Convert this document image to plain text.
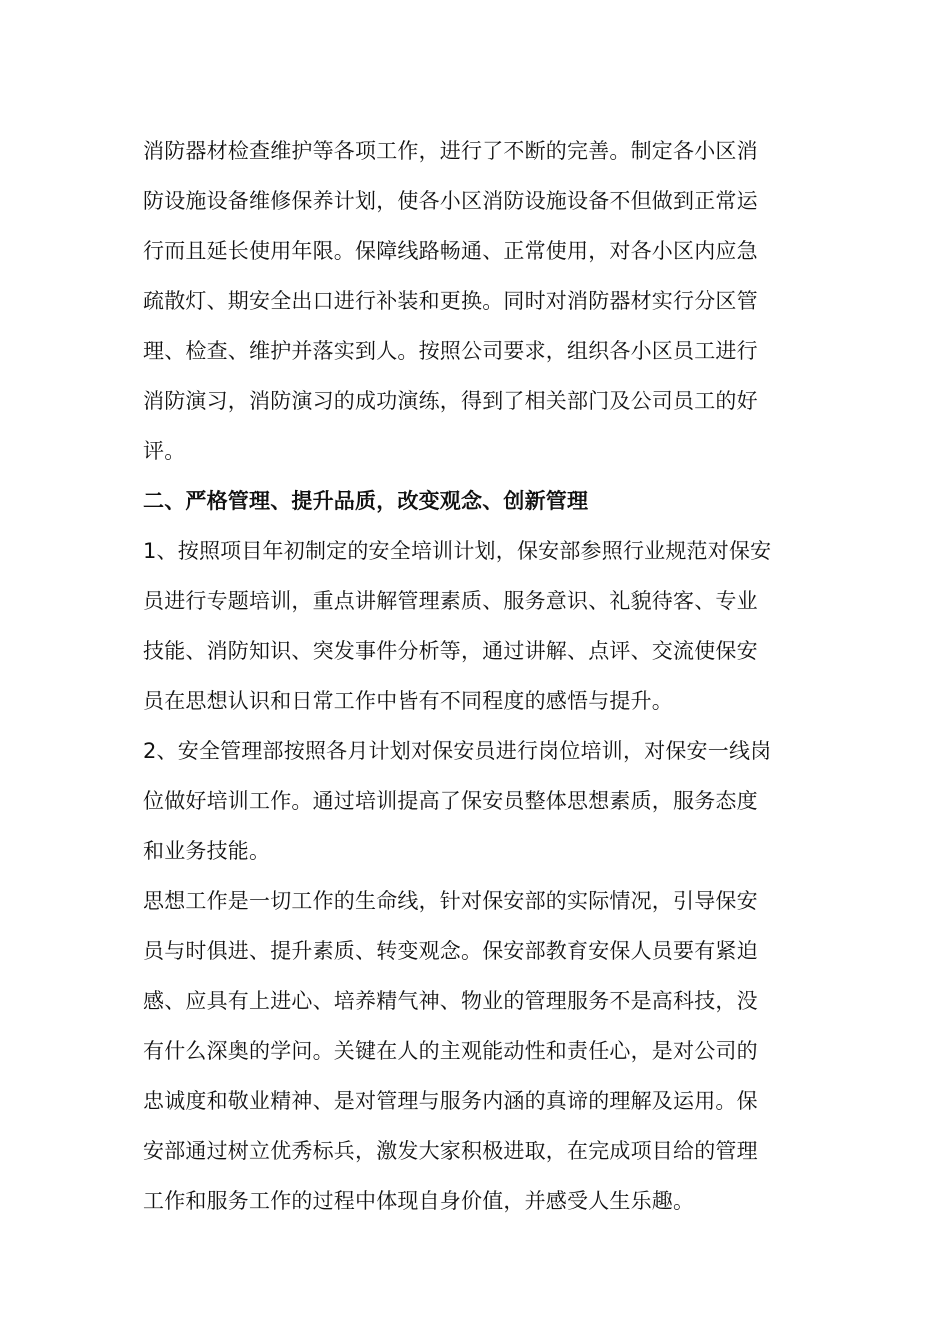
消防器材检查维护等各项工作，进行了不断的完善。制定各小区消
防设施设备维修保养计划，使各小区消防设施设备不但做到正常运
行而且延长使用年限。保障线路畅通、正常使用，对各小区内应急
疏散灯、期安全出口进行补装和更换。同时对消防器材实行分区管
理、检查、维护并落实到人。按照公司要求，组织各小区员工进行
消防演习，消防演习的成功演练，得到了相关部门及公司员工的好
评。
二、严格管理、提升品质，改变观念、创新管理
1、按照项目年初制定的安全培训计划，保安部参照行业规范对保安
员进行专题培训，重点讲解管理素质、服务意识、礼貌待客、专业
技能、消防知识、突发事件分析等，通过讲解、点评、交流使保安
员在思想认识和日常工作中皆有不同程度的感悟与提升。
2、安全管理部按照各月计划对保安员进行岗位培训，对保安一线岗
位做好培训工作。通过培训提高了保安员整体思想素质，服务态度
和业务技能。
思想工作是一切工作的生命线，针对保安部的实际情况，引导保安
员与时俱进、提升素质、转变观念。保安部教育安保人员要有紧迫
感、应具有上进心、培养精气神、物业的管理服务不是高科技，没
有什么深奥的学问。关键在人的主观能动性和责任心，是对公司的
忠诚度和敬业精神、是对管理与服务内涵的真谛的理解及运用。保
安部通过树立优秀标兵，激发大家积极进取，在完成项目给的管理
工作和服务工作的过程中体现自身价值，并感受人生乐趣。
